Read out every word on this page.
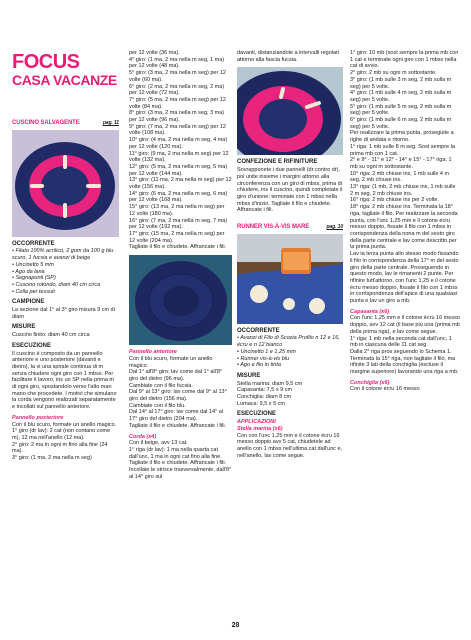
FOCUS
CASA VACANZE
CUSCINO SALVAGENTE	pag. 11
OCCORRENTE

• Filato 100% acrilico, 2 gom da 100 g blu scuro, 1 fucsia e avanzi di beige

• Uncinetto 5 mm

• Ago da lana

• Segnapunti (SP)

• Cuscino rotondo, diam 40 cm circa

• Colla per tessuti

CAMPIONE

La sezione dal 1° al 3° giro misura 9 cm di diam

MISURE

Cuscino finito: diam 40 cm circa

ESECUZIONE

Il cuscino è composto da un pannello anteriore e uno posteriore (davanti e dietro), la vi una spirale continua di m senza chiudere ogni giro con 1 mbss. Per facilitare il lavoro, ins un SP nella prima m di ogni giro, spostandolo verso l'alto man mano che procedete. I motivi che simulano la corda vengono realizzati separatamente e incollati sul pannello anteriore.

Pannello posteriore

Con il blu scuro, formate un anello magico.

1° giro (dr lav): 2 cat (non contano come m), 12 ma nell'anello (12 ma).

2° giro: 2 ma in ogni m fino alla fine (24 ma).

3° giro: (1 ma, 2 ma nella m seg)

per 12 volte (36 ma).

4° giro: (1 ma, 2 ma nella m seg, 1 ma) per 12 volte (48 ma).

5° giro: (3 ma, 2 ma nella m seg) per 12 volte (60 ma).

6° giro: (2 ma, 2 ma nella m seg, 2 ma) per 12 volte (72 ma).

7° giro: (5 ma, 2 ma nella m seg) per 12 volte (84 ma).

8° giro: (3 ma, 2 ma nella m seg, 3 ma) per 12 volte (96 ma).

9° giro: (7 ma, 2 ma nella m seg) per 12 volte (108 ma).

10° giro: (4 ma, 2 ma nella m seg, 4 ma) per 12 volte (120 ma).

11° giro: (9 ma, 2 ma nella m seg) per 12 volte (132 ma).

12° giro: (5 ma, 2 ma nella m seg, 5 ma) per 12 volte (144 ma).

13° giro: (11 ma, 2 ma nella m seg) per 12 volte (156 ma).

14° giro: (6 ma, 2 ma nella m seg, 6 ma) per 12 volte (168 ma).

15° giro: (13 ma, 2 ma nella m seg) per 12 volte (180 ma).

16° giro: (7 ma, 2 ma nella m seg, 7 ma) per 12 volte (192 ma).

17° giro: (15 ma, 2 ma nella m seg) per 12 volte (204 ma).

Tagliate il filo e chiudete. Affrancate i fili.

Pannello anteriore

Con il blu scuro, formate un anello magico.

Dal 1° all'8° giro: lav come dal 1° all'8° giro del dietro (96 ma).

Cambiate con il filo fucsia.

Dal 9° al 13° giro: lav come dal 9° al 13° giro del dietro (156 ma).

Cambiate con il filo blu.

Dal 14° al 17° giro: lav come dal 14° al 17° giro del dietro (204 ma).

Tagliate il filo e chiudete. Affrancate i fili.

Corda (x4)

Con il beige, avv 13 cat.

1° riga (dr lav): 1 ma nella quarta cat dall'unc, 1 ma in ogni cat fino alla fine.

Tagliate il filo e chiudete. Affrancate i fili.

Incollate le strisce trasversalmente, dall'8° al 14° giro sul

davanti, distanziandole a intervalli regolari attorno alla fascia fucsia.

CONFEZIONE E RIFINITURE

Sovrapponete i due pannelli (dr contro dr), poi unite insieme i margini attorno alla circonferenza con un giro di mbss, prima di chiudere, ins il cuscino, quindi completate il giro d'unione; terminate con 1 mbss nella mbss d'inizio. Tagliate il filo e chiudete. Affrancate i fili.

RUNNER VIS-À-VIS MARE	pag. 10
OCCORRENTE

• Avanzi di Filo di Scozia Profilo n 12 e 16, écru e n 12 bianco

• Uncinetto 1 e 1,25 mm

• Runner vis-à-vis blu

• Ago e filo in tinta

MISURE

Stella marina: diam 9,5 cm
Capasanta: 7,5 x 9 cm
Conchiglia: diam 8 cm
Lumaca: 9,5 x 5 cm

ESECUZIONE
APPLICAZIONI
Stella marina (x6)

Con con l'unc 1,25 mm e il cotone écru 16 messo doppio avv 5 cat, chiudetele ad anello con 1 mbss nell'ultima cat dall'unc e, nell'anello, lav come segue.

1° giro: 10 mb (sost sempre la prima mb con 1 cat e terminate ogni giro con 1 mbss nella cat di avvio.

2° giro: 2 mb su ogni m sottostante.

3° giro: (1 mb sulle 3 m seg, 2 mb sulla m seg) per 5 volte.

4° giro: (1 mb sulle 4 m seg, 2 mb sulla m seg) per 5 volte.

5° giro: (1 mb sulle 5 m seg, 2 mb sulla m seg) per 5 volte.

6° giro: (1 mb sulle 6 m seg, 2 mb sulla m seg) per 5 volte.

Per realizzare la prima punta, proseguite a righe di andata e ritorno.

1° riga: 1 mb sulle 8 m seg. Sost sempre la prima mb con 1 cat.

2° e 9° - 11° e 12° - 14° e 15° - 17° riga: 1 mb su ogni m sottostante.

10° riga: 2 mb chiuse ins, 1 mb sulle 4 m seg, 2 mb chiuse ins.

13° riga: (1 mb, 2 mb chiuse ins, 1 mb sulle 2 m seg, 2 mb chiuse ins.

16° riga: 2 mb chiuse ins per 2 volte.

18° riga: 2 mb chiuse ins. Terminata la 18° riga, tagliate il filo. Per realizzare la seconda punta, con l'unc 1,25 mm e il cotone écru messo doppio, fissate il filo con 1 mbss in corrispondenza della nona m del sesto giro della parte centrale e lav come descritto per la prima punta.

Lav la terza punta allo stesso modo fissando il filo in corrispondenza della 17° m del sesto giro della parte centrale. Proseguendo in questo modo, lav le rimanenti 2 punte. Per rifinire tutt'attorno, con l'unc 1,25 e il cotone écru messo doppio, fissate il filo con 1 mbss in corrispondenza dell'apice di una qualsiasi punta e lav un giro a mb.

Capasanta (x6)

Con l'unc 1,25 mm e il cotone écru 16 messo doppio, avv 12 cat (il base più una (prima mb della prima riga), e lav come segue.

1° riga: 1 mb nella seconda cat dall'unc, 1 mb in ciascuna delle 11 cat seg.

Dalla 2° riga pros seguendo lo Schema 1. Terminata la 15° riga, non tagliate il filo, ma rifinite 3 lati della conchiglia (escluse il margine superiore) lavorando una riga a mb.

Conchiglia (x6)

Con il cotone écru 16 messo

28
